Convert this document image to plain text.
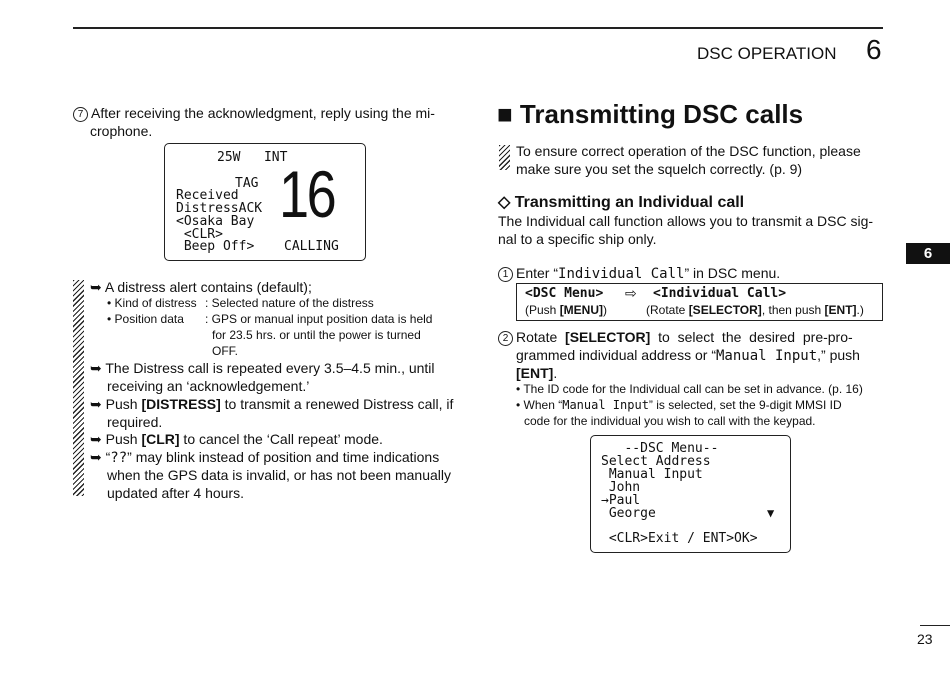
DSC OPERATION 6
6
23
7 After receiving the acknowledgment, reply using the mi-
crophone.
25W   INT
TAG
Received
DistressACK
<Osaka Bay
<CLR>
Beep Off>
16
CALLING
➥ A distress alert contains (default);
• Kind of distress : Selected nature of the distress
• Position data : GPS or manual input position data is held
for 23.5 hrs. or until the power is turned
OFF.
➥ The Distress call is repeated every 3.5–4.5 min., until
receiving an ‘acknowledgement.’
➥ Push [DISTRESS] to transmit a renewed Distress call, if
required.
➥ Push [CLR] to cancel the ‘Call repeat’ mode.
➥ “??” may blink instead of position and time indications
when the GPS data is invalid, or has not been manually
updated after 4 hours.
■ Transmitting DSC calls
To ensure correct operation of the DSC function, please
make sure you set the squelch correctly. (p. 9)
◇ Transmitting an Individual call
The Individual call function allows you to transmit a DSC sig-
nal to a specific ship only.
1 Enter “Individual Call” in DSC menu.
<DSC Menu> ⇨ <Individual Call>
(Push [MENU])	(Rotate [SELECTOR], then push [ENT].)
2 Rotate  [SELECTOR]  to  select  the  desired  pre-pro-
grammed individual address or “Manual Input,” push
[ENT].
• The ID code for the Individual call can be set in advance. (p. 16)
• When “Manual Input” is selected, set the 9-digit MMSI ID
code for the individual you wish to call with the keypad.
--DSC Menu--
Select Address
Manual Input
John
→Paul
George	▼
<CLR>Exit / ENT>OK>
